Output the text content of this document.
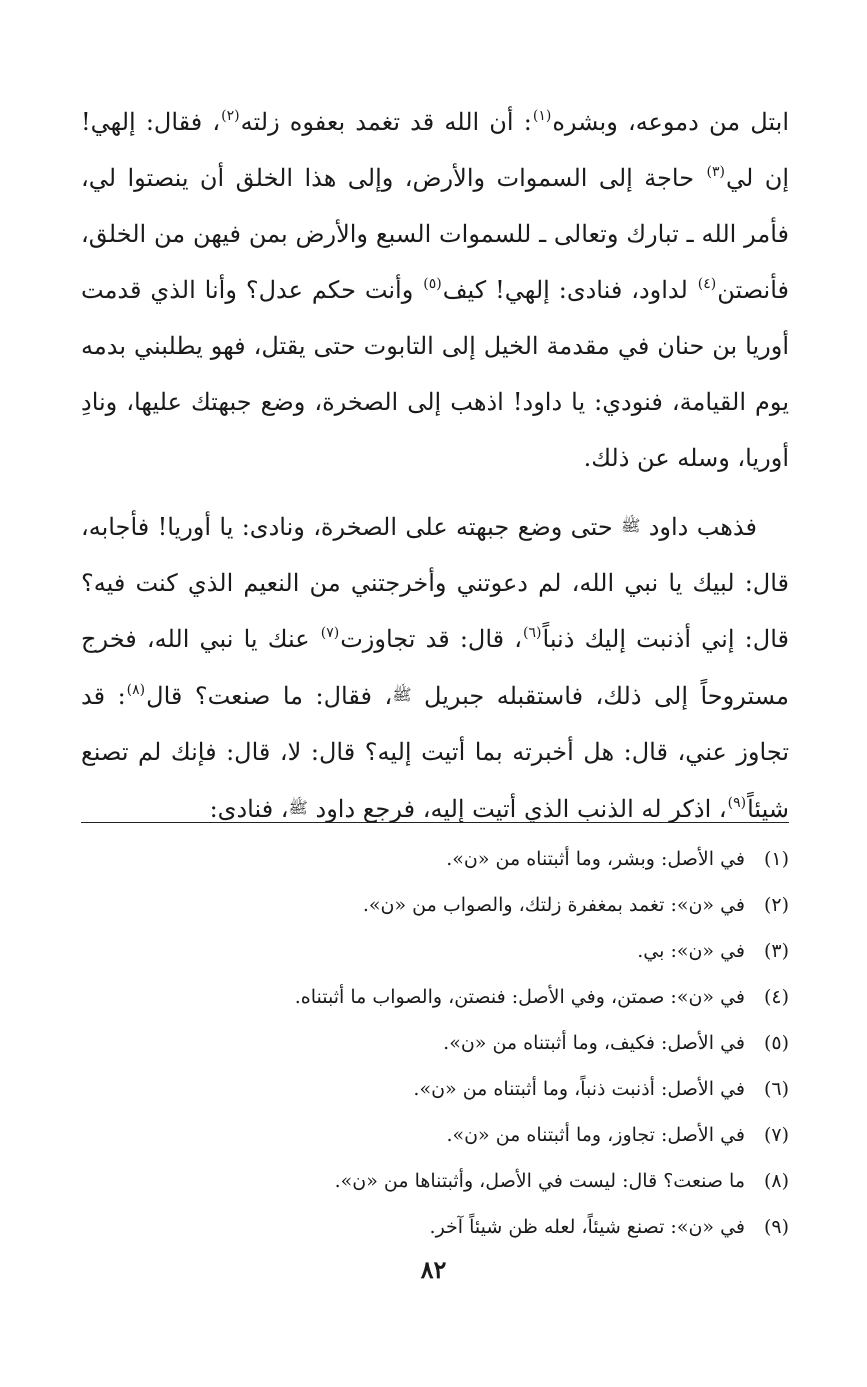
ابتل من دموعه، وبشره$^{(١)}$: أن الله قد تغمد بعفوه زلته$^{(٢)}$، فقال: إلهي! إن لي$^{(٣)}$ حاجة إلى السموات والأرض، وإلى هذا الخلق أن ينصتوا لي، فأمر الله ـ تبارك وتعالى ـ للسموات السبع والأرض بمن فيهن من الخلق، فأنصتن$^{(٤)}$ لداود، فنادى: إلهي! كيف$^{(٥)}$ وأنت حكم عدل؟ وأنا الذي قدمت أوريا بن حنان في مقدمة الخيل إلى التابوت حتى يقتل، فهو يطلبني بدمه يوم القيامة، فنودي: يا داود! اذهب إلى الصخرة، وضع جبهتك عليها، ونادِ أوريا، وسله عن ذلك.

فذهب داود ﷺ حتى وضع جبهته على الصخرة، ونادى: يا أوريا! فأجابه، قال: لبيك يا نبي الله، لم دعوتني وأخرجتني من النعيم الذي كنت فيه؟ قال: إني أذنبت إليك ذنباً$^{(٦)}$، قال: قد تجاوزت$^{(٧)}$ عنك يا نبي الله، فخرج مستروحاً إلى ذلك، فاستقبله جبريل ﷺ، فقال: ما صنعت؟ قال$^{(٨)}$: قد تجاوز عني، قال: هل أخبرته بما أتيت إليه؟ قال: لا، قال: فإنك لم تصنع شيئاً$^{(٩)}$، اذكر له الذنب الذي أتيت إليه، فرجع داود ﷺ، فنادى:

(١)
في الأصل: وبشر، وما أثبتناه من «ن».
(٢)
في «ن»: تغمد بمغفرة زلتك، والصواب من «ن».
(٣)
في «ن»: بي.
(٤)
في «ن»: صمتن، وفي الأصل: فنصتن، والصواب ما أثبتناه.
(٥)
في الأصل: فكيف، وما أثبتناه من «ن».
(٦)
في الأصل: أذنبت ذنباً، وما أثبتناه من «ن».
(٧)
في الأصل: تجاوز، وما أثبتناه من «ن».
(٨)
ما صنعت؟ قال: ليست في الأصل، وأثبتناها من «ن».
(٩)
في «ن»: تصنع شيئاً، لعله ظن شيئاً آخر.
٨٢
